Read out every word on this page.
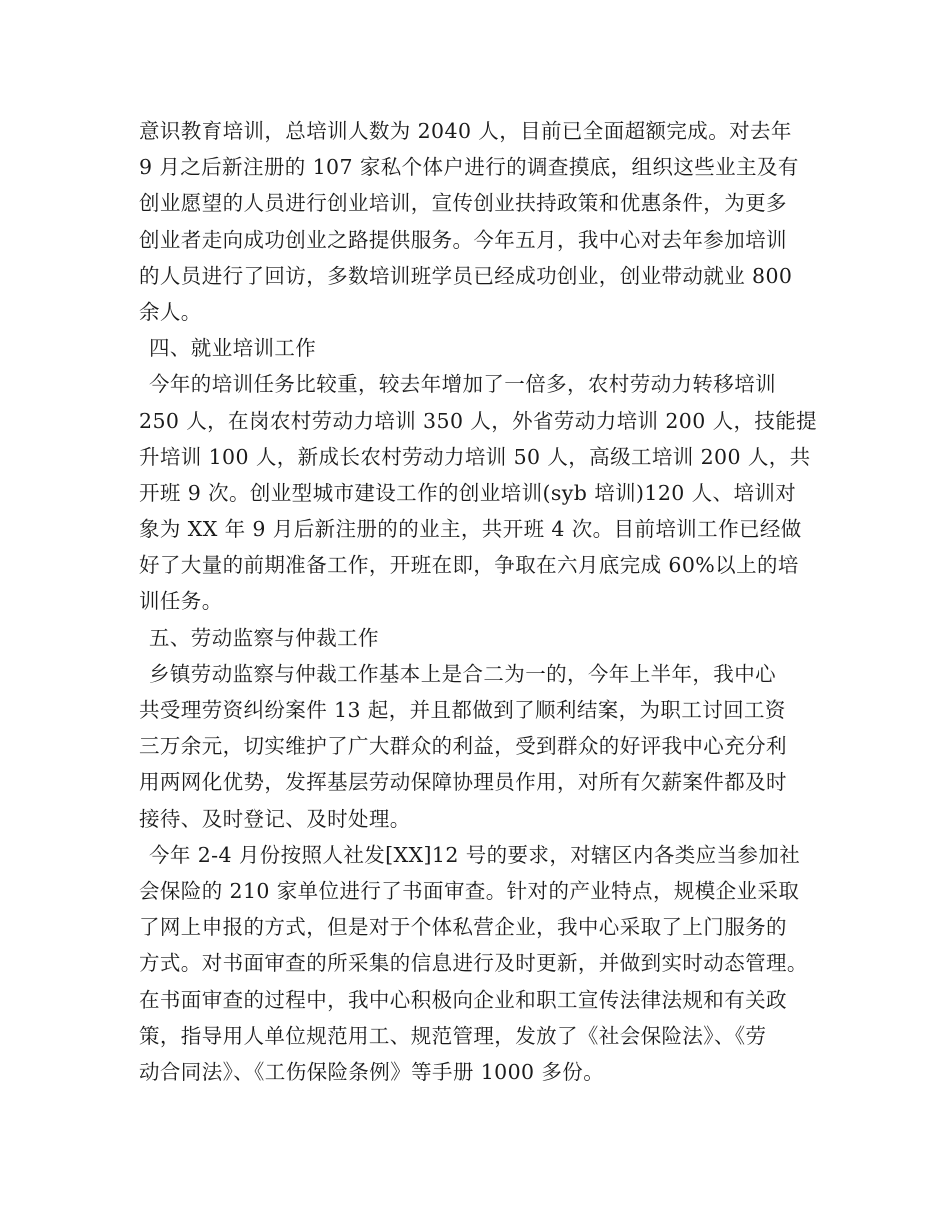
意识教育培训，总培训人数为 2040 人，目前已全面超额完成。对去年
9 月之后新注册的 107 家私个体户进行的调查摸底，组织这些业主及有
创业愿望的人员进行创业培训，宣传创业扶持政策和优惠条件，为更多
创业者走向成功创业之路提供服务。今年五月，我中心对去年参加培训
的人员进行了回访，多数培训班学员已经成功创业，创业带动就业 800
余人。
四、就业培训工作
今年的培训任务比较重，较去年增加了一倍多，农村劳动力转移培训
250 人，在岗农村劳动力培训 350 人，外省劳动力培训 200 人，技能提
升培训 100 人，新成长农村劳动力培训 50 人，高级工培训 200 人，共
开班 9 次。创业型城市建设工作的创业培训(syb 培训)120 人、培训对
象为 XX 年 9 月后新注册的的业主，共开班 4 次。目前培训工作已经做
好了大量的前期准备工作，开班在即，争取在六月底完成 60%以上的培
训任务。
五、劳动监察与仲裁工作
乡镇劳动监察与仲裁工作基本上是合二为一的，今年上半年，我中心
共受理劳资纠纷案件 13 起，并且都做到了顺利结案，为职工讨回工资
三万余元，切实维护了广大群众的利益，受到群众的好评我中心充分利
用两网化优势，发挥基层劳动保障协理员作用，对所有欠薪案件都及时
接待、及时登记、及时处理。
今年 2-4 月份按照人社发[XX]12 号的要求，对辖区内各类应当参加社
会保险的 210 家单位进行了书面审查。针对的产业特点，规模企业采取
了网上申报的方式，但是对于个体私营企业，我中心采取了上门服务的
方式。对书面审查的所采集的信息进行及时更新，并做到实时动态管理。
在书面审查的过程中，我中心积极向企业和职工宣传法律法规和有关政
策，指导用人单位规范用工、规范管理，发放了《社会保险法》、《劳
动合同法》、《工伤保险条例》等手册 1000 多份。
